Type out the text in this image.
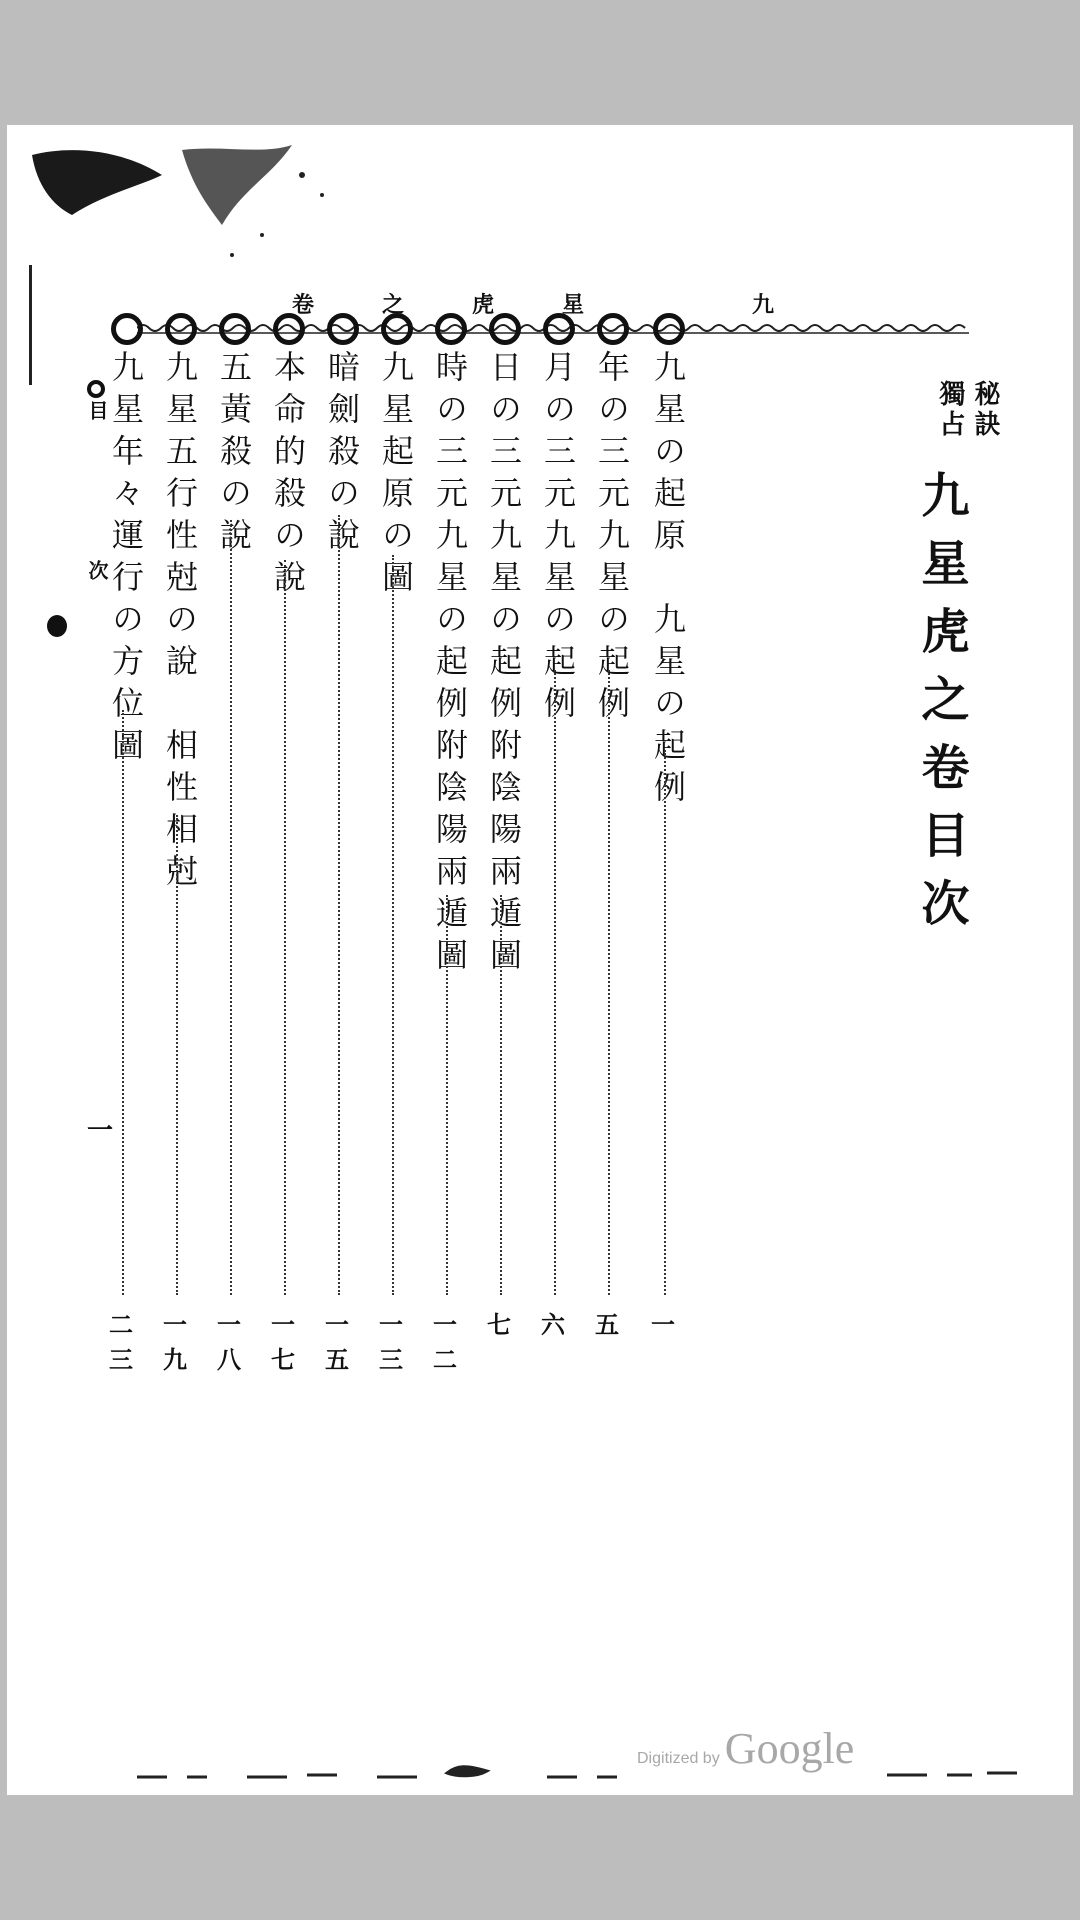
卷	之	虎	星	九
秘訣
獨占
九星虎之卷目次
九星の起原　九星の起例
一
年の三元九星の起例
五
月の三元九星の起例
六
日の三元九星の起例附陰陽兩遁圖
七
時の三元九星の起例附陰陽兩遁圖
一二
九星起原の圖
一三
暗劍殺の說
一五
本命的殺の說
一七
五黃殺の說
一八
九星五行性尅の說　相性相尅
一九
九星年々運行の方位圖
二三
目　次
一
Digitized by Google
